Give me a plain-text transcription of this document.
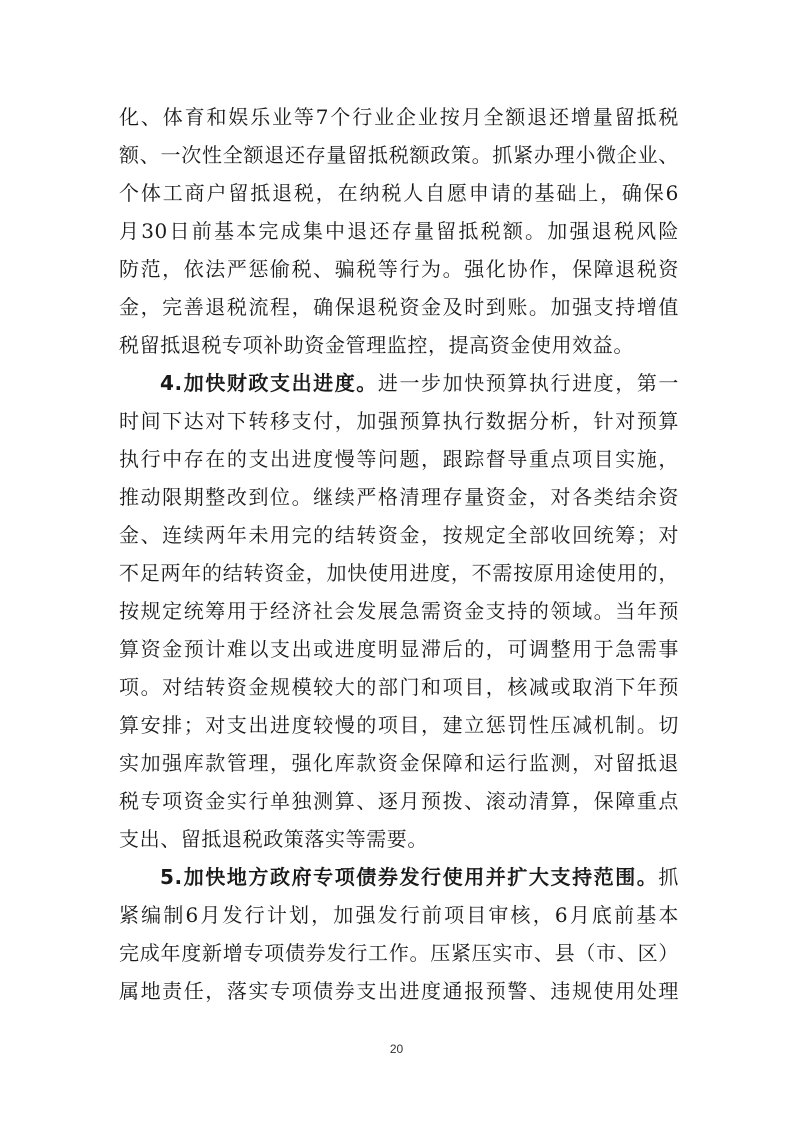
化、体育和娱乐业等7个行业企业按月全额退还增量留抵税
额、一次性全额退还存量留抵税额政策。抓紧办理小微企业、
个体工商户留抵退税，在纳税人自愿申请的基础上，确保6
月30日前基本完成集中退还存量留抵税额。加强退税风险
防范，依法严惩偷税、骗税等行为。强化协作，保障退税资
金，完善退税流程，确保退税资金及时到账。加强支持增值
税留抵退税专项补助资金管理监控，提高资金使用效益。
4.加快财政支出进度。进一步加快预算执行进度，第一
时间下达对下转移支付，加强预算执行数据分析，针对预算
执行中存在的支出进度慢等问题，跟踪督导重点项目实施，
推动限期整改到位。继续严格清理存量资金，对各类结余资
金、连续两年未用完的结转资金，按规定全部收回统筹；对
不足两年的结转资金，加快使用进度，不需按原用途使用的，
按规定统筹用于经济社会发展急需资金支持的领域。当年预
算资金预计难以支出或进度明显滞后的，可调整用于急需事
项。对结转资金规模较大的部门和项目，核减或取消下年预
算安排；对支出进度较慢的项目，建立惩罚性压减机制。切
实加强库款管理，强化库款资金保障和运行监测，对留抵退
税专项资金实行单独测算、逐月预拨、滚动清算，保障重点
支出、留抵退税政策落实等需要。
5.加快地方政府专项债券发行使用并扩大支持范围。抓
紧编制6月发行计划，加强发行前项目审核，6月底前基本
完成年度新增专项债券发行工作。压紧压实市、县（市、区）
属地责任，落实专项债券支出进度通报预警、违规使用处理
20
